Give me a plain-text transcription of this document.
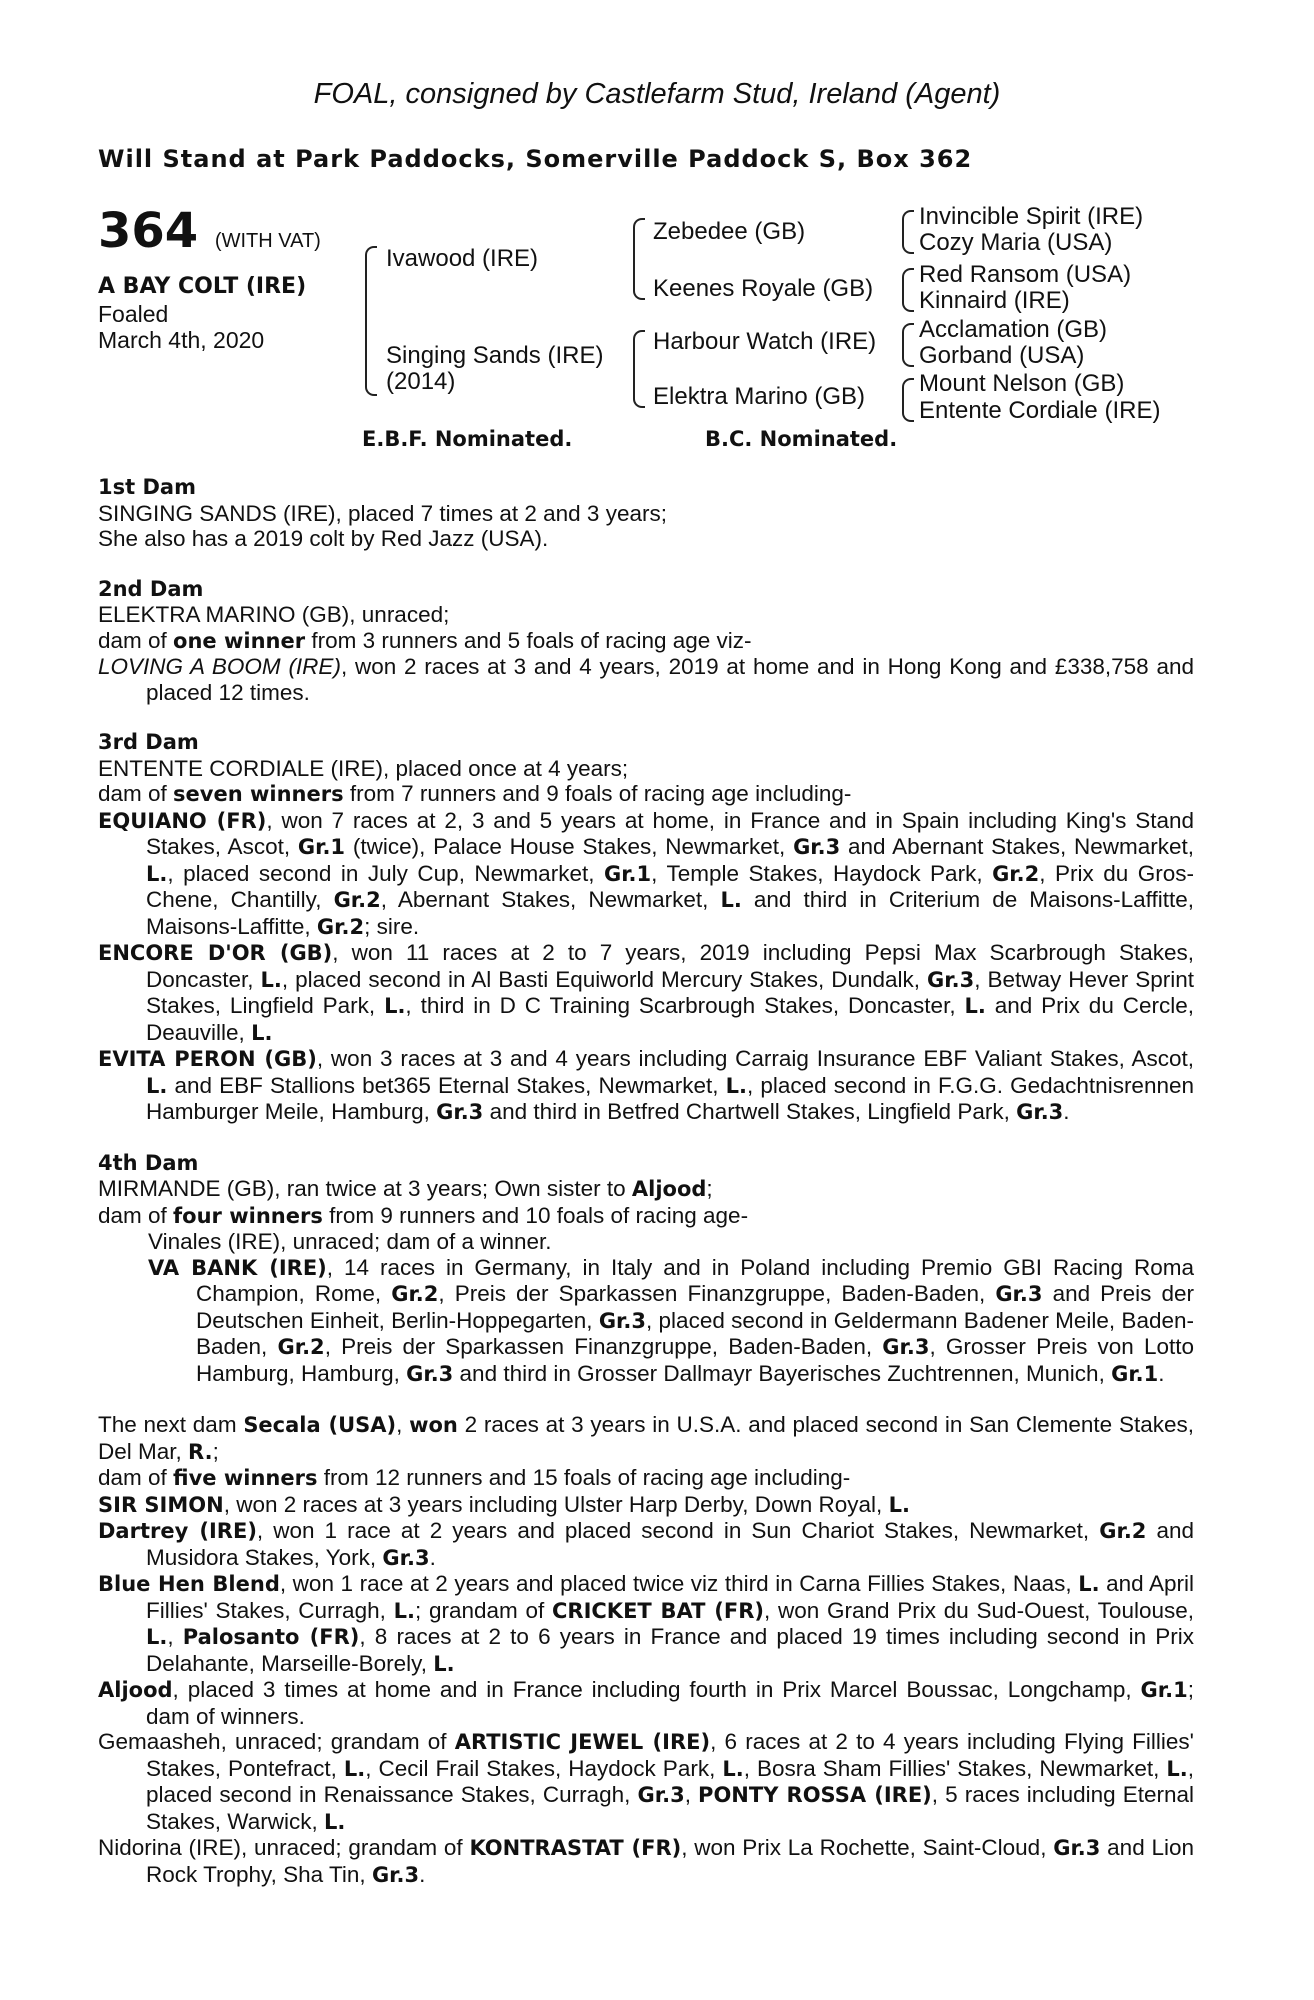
FOAL, consigned by Castlefarm Stud, Ireland (Agent)
Will Stand at Park Paddocks, Somerville Paddock S, Box 362
364 (WITH VAT)
A BAY COLT (IRE)
Foaled
March 4th, 2020
Ivawood (IRE)
Singing Sands (IRE)
(2014)
Zebedee (GB)
Keenes Royale (GB)
Harbour Watch (IRE)
Elektra Marino (GB)
Invincible Spirit (IRE)
Cozy Maria (USA)
Red Ransom (USA)
Kinnaird (IRE)
Acclamation (GB)
Gorband (USA)
Mount Nelson (GB)
Entente Cordiale (IRE)
E.B.F. Nominated.	B.C. Nominated.
1st Dam

SINGING SANDS (IRE), placed 7 times at 2 and 3 years;

She also has a 2019 colt by Red Jazz (USA).

2nd Dam

ELEKTRA MARINO (GB), unraced;

dam of one winner from 3 runners and 5 foals of racing age viz-

LOVING A BOOM (IRE), won 2 races at 3 and 4 years, 2019 at home and in Hong Kong and £338,758 and placed 12 times.

3rd Dam

ENTENTE CORDIALE (IRE), placed once at 4 years;

dam of seven winners from 7 runners and 9 foals of racing age including-

EQUIANO (FR), won 7 races at 2, 3 and 5 years at home, in France and in Spain including King's Stand Stakes, Ascot, Gr.1 (twice), Palace House Stakes, Newmarket, Gr.3 and Abernant Stakes, Newmarket, L., placed second in July Cup, Newmarket, Gr.1, Temple Stakes, Haydock Park, Gr.2, Prix du Gros-Chene, Chantilly, Gr.2, Abernant Stakes, Newmarket, L. and third in Criterium de Maisons-Laffitte, Maisons-Laffitte, Gr.2; sire.

ENCORE D'OR (GB), won 11 races at 2 to 7 years, 2019 including Pepsi Max Scarbrough Stakes, Doncaster, L., placed second in Al Basti Equiworld Mercury Stakes, Dundalk, Gr.3, Betway Hever Sprint Stakes, Lingfield Park, L., third in D C Training Scarbrough Stakes, Doncaster, L. and Prix du Cercle, Deauville, L.

EVITA PERON (GB), won 3 races at 3 and 4 years including Carraig Insurance EBF Valiant Stakes, Ascot, L. and EBF Stallions bet365 Eternal Stakes, Newmarket, L., placed second in F.G.G. Gedachtnisrennen Hamburger Meile, Hamburg, Gr.3 and third in Betfred Chartwell Stakes, Lingfield Park, Gr.3.

4th Dam

MIRMANDE (GB), ran twice at 3 years; Own sister to Aljood;

dam of four winners from 9 runners and 10 foals of racing age-

Vinales (IRE), unraced; dam of a winner.

VA BANK (IRE), 14 races in Germany, in Italy and in Poland including Premio GBI Racing Roma Champion, Rome, Gr.2, Preis der Sparkassen Finanzgruppe, Baden-Baden, Gr.3 and Preis der Deutschen Einheit, Berlin-Hoppegarten, Gr.3, placed second in Geldermann Badener Meile, Baden-Baden, Gr.2, Preis der Sparkassen Finanzgruppe, Baden-Baden, Gr.3, Grosser Preis von Lotto Hamburg, Hamburg, Gr.3 and third in Grosser Dallmayr Bayerisches Zuchtrennen, Munich, Gr.1.

The next dam Secala (USA), won 2 races at 3 years in U.S.A. and placed second in San Clemente Stakes, Del Mar, R.;

dam of five winners from 12 runners and 15 foals of racing age including-

SIR SIMON, won 2 races at 3 years including Ulster Harp Derby, Down Royal, L.

Dartrey (IRE), won 1 race at 2 years and placed second in Sun Chariot Stakes, Newmarket, Gr.2 and Musidora Stakes, York, Gr.3.

Blue Hen Blend, won 1 race at 2 years and placed twice viz third in Carna Fillies Stakes, Naas, L. and April Fillies' Stakes, Curragh, L.; grandam of CRICKET BAT (FR), won Grand Prix du Sud-Ouest, Toulouse, L., Palosanto (FR), 8 races at 2 to 6 years in France and placed 19 times including second in Prix Delahante, Marseille-Borely, L.

Aljood, placed 3 times at home and in France including fourth in Prix Marcel Boussac, Longchamp, Gr.1; dam of winners.

Gemaasheh, unraced; grandam of ARTISTIC JEWEL (IRE), 6 races at 2 to 4 years including Flying Fillies' Stakes, Pontefract, L., Cecil Frail Stakes, Haydock Park, L., Bosra Sham Fillies' Stakes, Newmarket, L., placed second in Renaissance Stakes, Curragh, Gr.3, PONTY ROSSA (IRE), 5 races including Eternal Stakes, Warwick, L.

Nidorina (IRE), unraced; grandam of KONTRASTAT (FR), won Prix La Rochette, Saint-Cloud, Gr.3 and Lion Rock Trophy, Sha Tin, Gr.3.
